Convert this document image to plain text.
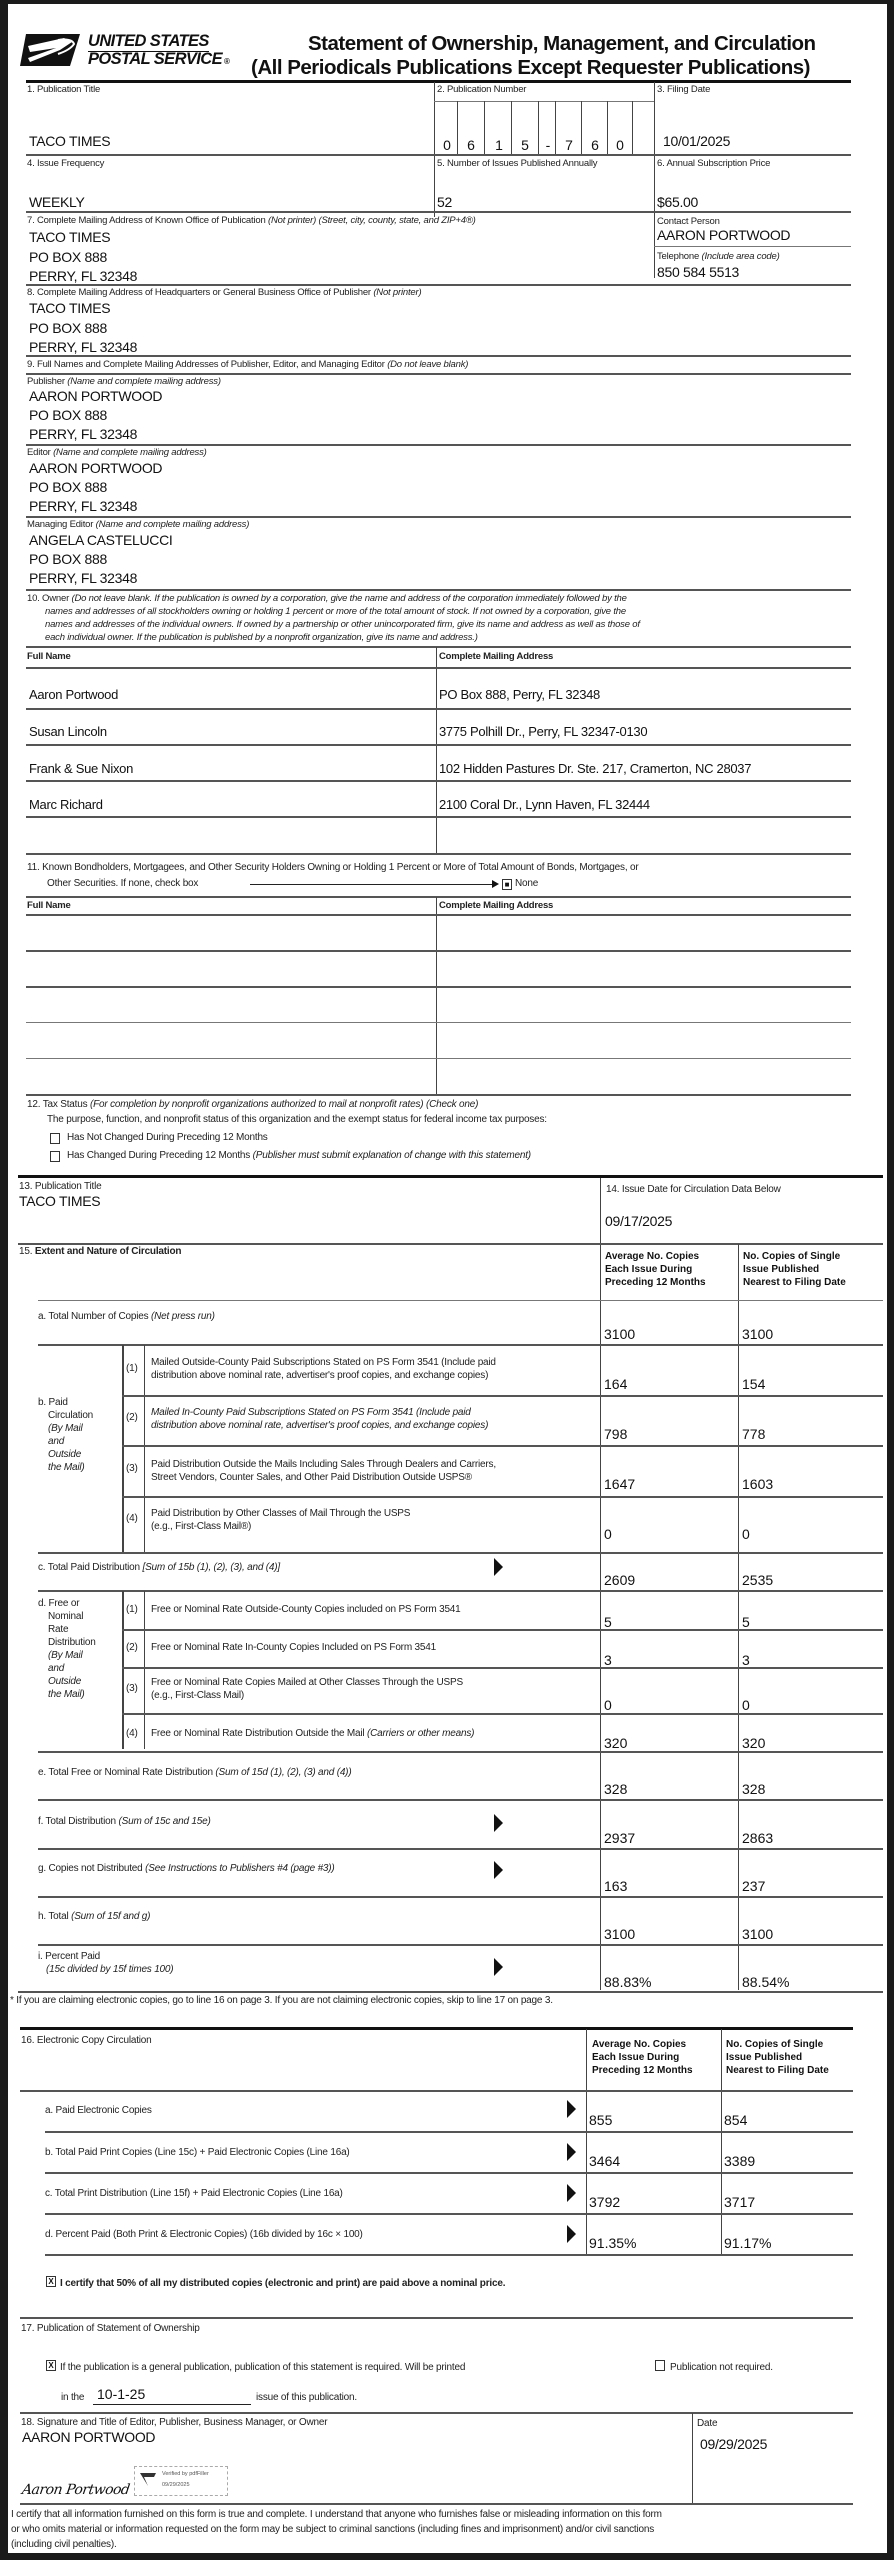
UNITED STATES
POSTAL SERVICE ®
Statement of Ownership, Management, and Circulation
(All Periodicals Publications Except Requester Publications)
1. Publication Title
TACO TIMES
2. Publication Number
0	6	1	5	-	7	6	0
3. Filing Date
10/01/2025
4. Issue Frequency
WEEKLY
5. Number of Issues Published Annually
52
6. Annual Subscription Price
$65.00
7. Complete Mailing Address of Known Office of Publication (Not printer) (Street, city, county, state, and ZIP+4®)
TACO TIMES
PO BOX 888
PERRY, FL 32348
Contact Person
AARON PORTWOOD
Telephone (Include area code)
850 584 5513
8. Complete Mailing Address of Headquarters or General Business Office of Publisher (Not printer)
TACO TIMES
PO BOX 888
PERRY, FL 32348
9. Full Names and Complete Mailing Addresses of Publisher, Editor, and Managing Editor (Do not leave blank)
Publisher (Name and complete mailing address)
AARON PORTWOOD
PO BOX 888
PERRY, FL 32348
Editor (Name and complete mailing address)
AARON PORTWOOD
PO BOX 888
PERRY, FL 32348
Managing Editor (Name and complete mailing address)
ANGELA CASTELUCCI
PO BOX 888
PERRY, FL 32348
10. Owner (Do not leave blank. If the publication is owned by a corporation, give the name and address of the corporation immediately followed by the
names and addresses of all stockholders owning or holding 1 percent or more of the total amount of stock. If not owned by a corporation, give the
names and addresses of the individual owners. If owned by a partnership or other unincorporated firm, give its name and address as well as those of
each individual owner. If the publication is published by a nonprofit organization, give its name and address.)
Full Name	Complete Mailing Address
Aaron Portwood	PO Box 888, Perry, FL 32348
Susan Lincoln	3775 Polhill Dr., Perry, FL 32347-0130
Frank & Sue Nixon	102 Hidden Pastures Dr. Ste. 217, Cramerton, NC 28037
Marc Richard	2100 Coral Dr., Lynn Haven, FL 32444
11. Known Bondholders, Mortgagees, and Other Security Holders Owning or Holding 1 Percent or More of Total Amount of Bonds, Mortgages, or
Other Securities. If none, check box	■ None
Full Name	Complete Mailing Address
12. Tax Status (For completion by nonprofit organizations authorized to mail at nonprofit rates) (Check one)
The purpose, function, and nonprofit status of this organization and the exempt status for federal income tax purposes:
Has Not Changed During Preceding 12 Months
Has Changed During Preceding 12 Months (Publisher must submit explanation of change with this statement)
13. Publication Title
TACO TIMES
14. Issue Date for Circulation Data Below
09/17/2025
15. Extent and Nature of Circulation	Average No. Copies
Each Issue During
Preceding 12 Months
No. Copies of Single
Issue Published
Nearest to Filing Date
a. Total Number of Copies (Net press run)
3100	3100
b. Paid
Circulation
(By Mail
and
Outside
the Mail)
(1)
Mailed Outside-County Paid Subscriptions Stated on PS Form 3541 (Include paid
distribution above nominal rate, advertiser's proof copies, and exchange copies)
164	154
(2) Mailed In-County Paid Subscriptions Stated on PS Form 3541 (Include paid
distribution above nominal rate, advertiser's proof copies, and exchange copies)
798	778
(3) Paid Distribution Outside the Mails Including Sales Through Dealers and Carriers,
Street Vendors, Counter Sales, and Other Paid Distribution Outside USPS®	1647	1603
(4) Paid Distribution by Other Classes of Mail Through the USPS
(e.g., First-Class Mail®)	0	0
c. Total Paid Distribution [Sum of 15b (1), (2), (3), and (4)]
2609	2535
d. Free or
Nominal
Rate
Distribution
(By Mail
and
Outside
the Mail)
(1) Free or Nominal Rate Outside-County Copies included on PS Form 3541
5	5
(2) Free or Nominal Rate In-County Copies Included on PS Form 3541
3	3
(3)
Free or Nominal Rate Copies Mailed at Other Classes Through the USPS
(e.g., First-Class Mail)
0	0
(4) Free or Nominal Rate Distribution Outside the Mail (Carriers or other means)
320	320
e. Total Free or Nominal Rate Distribution (Sum of 15d (1), (2), (3) and (4))
328	328
f. Total Distribution (Sum of 15c and 15e)
2937	2863
g. Copies not Distributed (See Instructions to Publishers #4 (page #3))
163	237
h. Total (Sum of 15f and g)
3100	3100
i. Percent Paid
(15c divided by 15f times 100)
88.83%	88.54%
* If you are claiming electronic copies, go to line 16 on page 3. If you are not claiming electronic copies, skip to line 17 on page 3.
16. Electronic Copy Circulation	Average No. Copies
Each Issue During
Preceding 12 Months
No. Copies of Single
Issue Published
Nearest to Filing Date
a. Paid Electronic Copies
855	854
b. Total Paid Print Copies (Line 15c) + Paid Electronic Copies (Line 16a)
3464	3389
c. Total Print Distribution (Line 15f) + Paid Electronic Copies (Line 16a)
3792	3717
d. Percent Paid (Both Print & Electronic Copies) (16b divided by 16c × 100)
91.35%	91.17%
X I certify that 50% of all my distributed copies (electronic and print) are paid above a nominal price.
17. Publication of Statement of Ownership
X If the publication is a general publication, publication of this statement is required. Will be printed	Publication not required.
in the 10-1-25	issue of this publication.
18. Signature and Title of Editor, Publisher, Business Manager, or Owner
AARON PORTWOOD
Date
09/29/2025
Aaron Portwood
Verified by pdfFiller
09/29/2025
I certify that all information furnished on this form is true and complete. I understand that anyone who furnishes false or misleading information on this form
or who omits material or information requested on the form may be subject to criminal sanctions (including fines and imprisonment) and/or civil sanctions
(including civil penalties).
